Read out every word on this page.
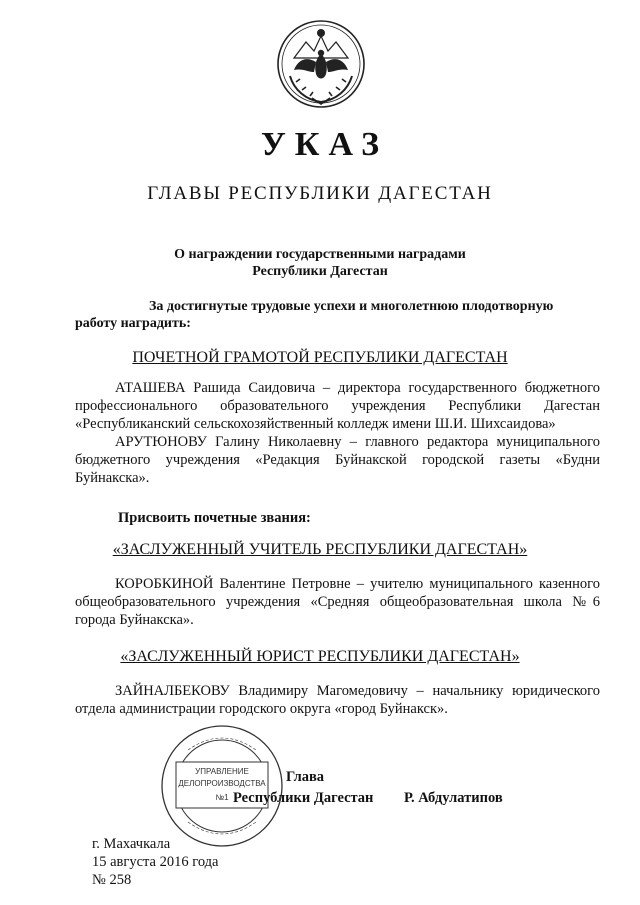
УКАЗ
ГЛАВЫ РЕСПУБЛИКИ ДАГЕСТАН
О награждении государственными наградами
Республики Дагестан
За достигнутые трудовые успехи и многолетнюю плодотворную
работу наградить:
ПОЧЕТНОЙ ГРАМОТОЙ РЕСПУБЛИКИ ДАГЕСТАН

АТАШЕВА Рашида Саидовича – директора государственного бюджетного профессионального образовательного учреждения Республики Дагестан «Республиканский сельскохозяйственный колледж имени Ш.И. Шихсаидова»

АРУТЮНОВУ Галину Николаевну – главного редактора муниципального бюджетного учреждения «Редакция Буйнакской городской газеты «Будни Буйнакска».

Присвоить почетные звания:
«ЗАСЛУЖЕННЫЙ УЧИТЕЛЬ РЕСПУБЛИКИ ДАГЕСТАН»

КОРОБКИНОЙ Валентине Петровне – учителю муниципального казенного общеобразовательного учреждения «Средняя общеобразовательная школа №6 города Буйнакска».

«ЗАСЛУЖЕННЫЙ ЮРИСТ РЕСПУБЛИКИ ДАГЕСТАН»

ЗАЙНАЛБЕКОВУ Владимиру Магомедовичу – начальнику юридического отдела администрации городского округа «город Буйнакск».

УПРАВЛЕНИЕ
ДЕЛОПРОИЗВОДСТВА
№1
Глава
Республики Дагестан Р. Абдулатипов
г. Махачкала
15 августа 2016 года
№ 258
